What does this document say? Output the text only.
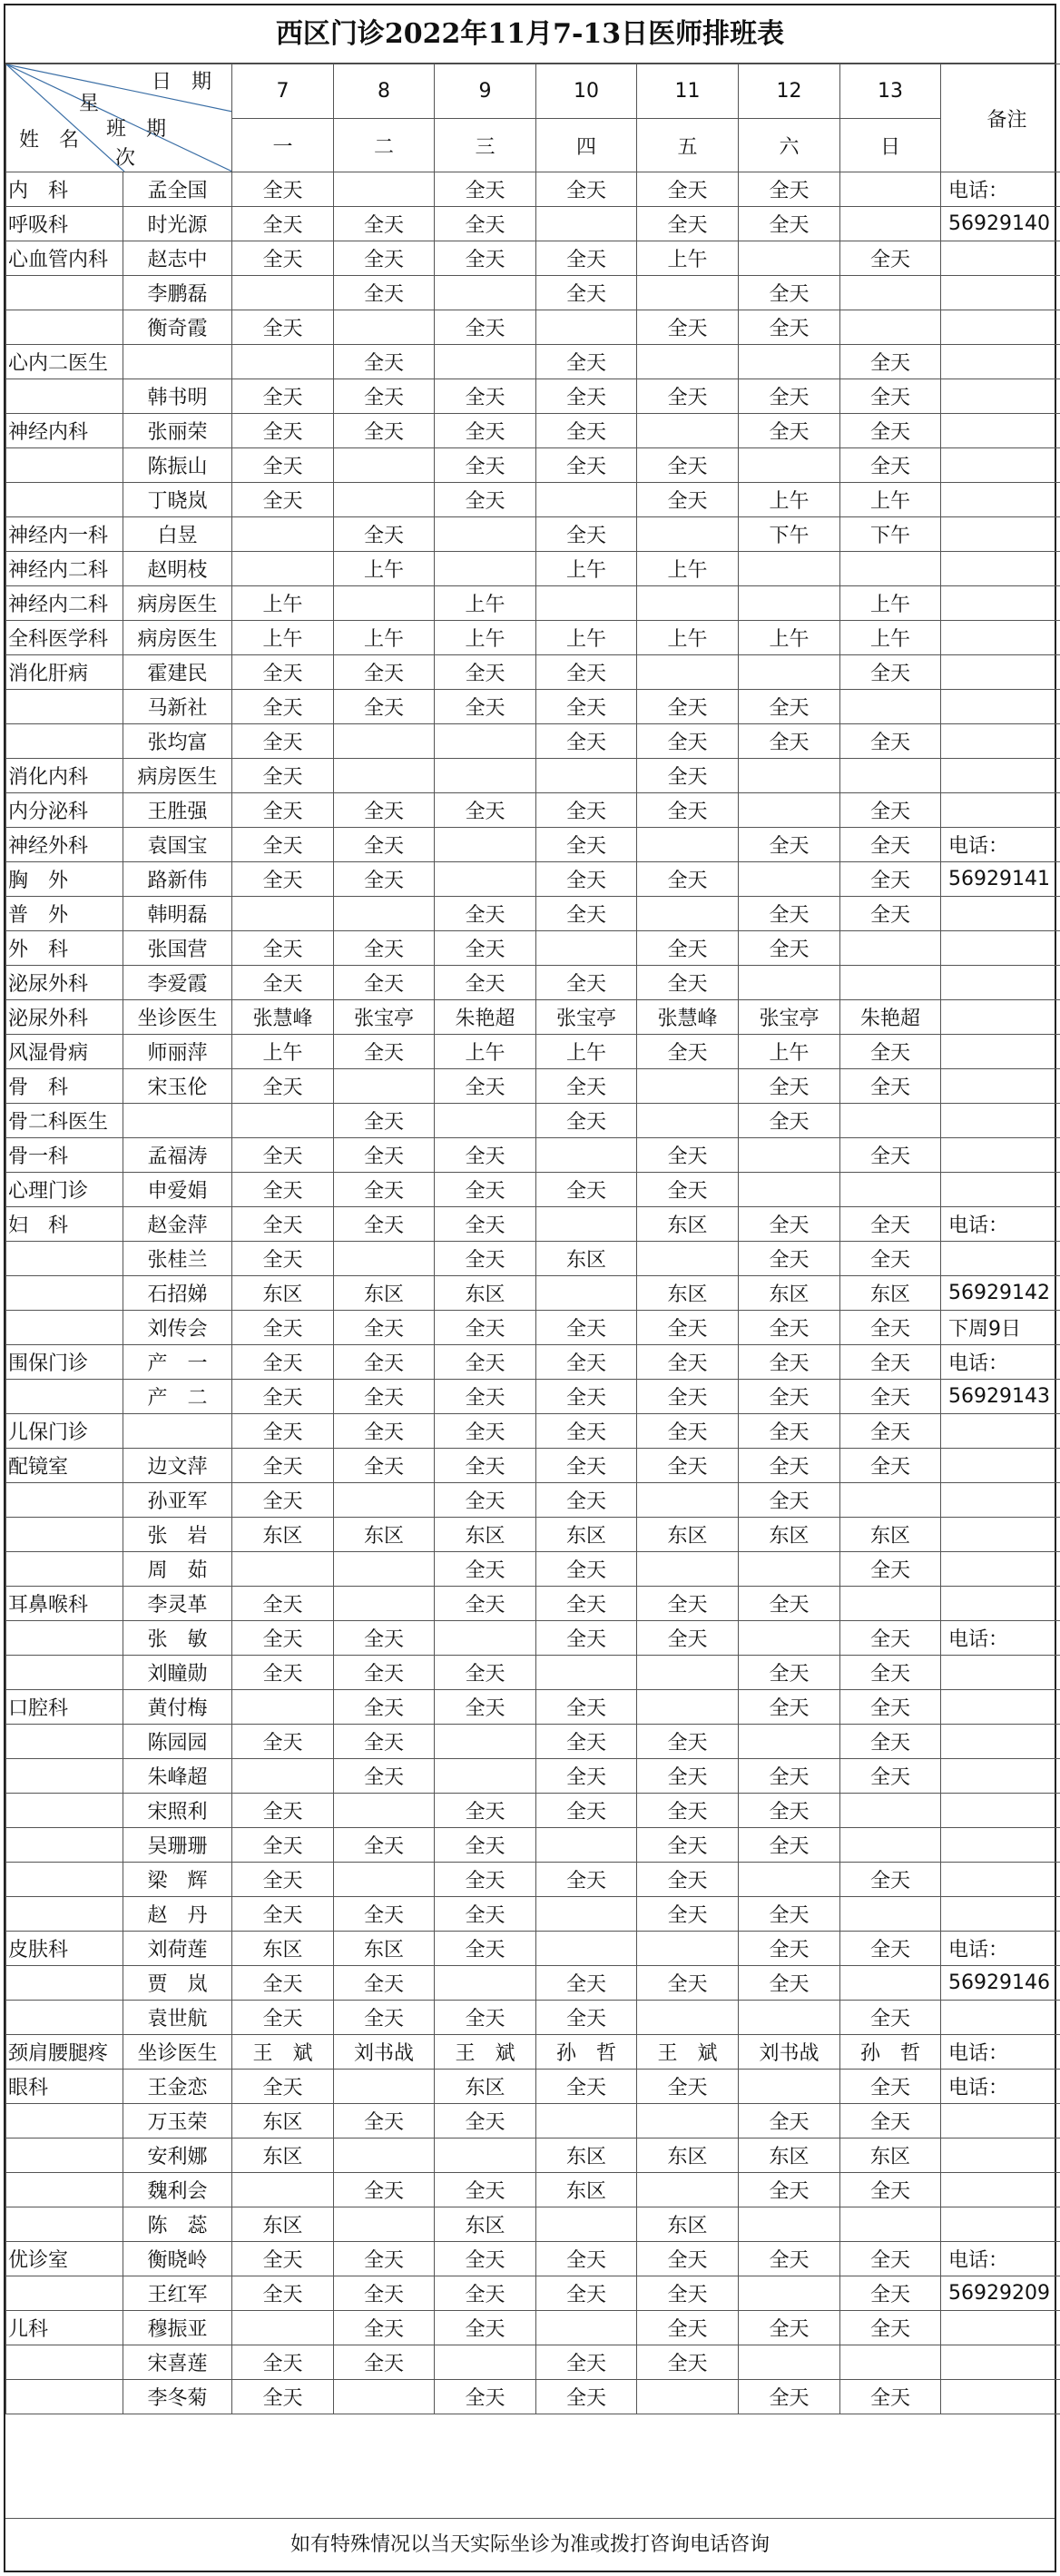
西区门诊2022年11月7-13日医师排班表
日　期
星
班　期
姓　名
次		7	8	9	10	11	12	13	备注
		一	二	三	四	五	六	日	
内　科	孟全国	全天		全天	全天	全天	全天		电话：
呼吸科	时光源	全天	全天	全天		全天	全天		56929140
心血管内科	赵志中	全天	全天	全天	全天	上午		全天	
	李鹏磊		全天		全天		全天		
	衡奇霞	全天		全天		全天	全天		
心内二医生			全天		全天			全天	
	韩书明	全天	全天	全天	全天	全天	全天	全天	
神经内科	张丽荣	全天	全天	全天	全天		全天	全天	
	陈振山	全天		全天	全天	全天		全天	
	丁晓岚	全天		全天		全天	上午	上午	
神经内一科	白昱		全天		全天		下午	下午	
神经内二科	赵明枝		上午		上午	上午			
神经内二科	病房医生	上午		上午				上午	
全科医学科	病房医生	上午	上午	上午	上午	上午	上午	上午	
消化肝病	霍建民	全天	全天	全天	全天			全天	
	马新社	全天	全天	全天	全天	全天	全天		
	张均富	全天			全天	全天	全天	全天	
消化内科	病房医生	全天				全天			
内分泌科	王胜强	全天	全天	全天	全天	全天		全天	
神经外科	袁国宝	全天	全天		全天		全天	全天	电话：
胸　外	路新伟	全天	全天		全天	全天		全天	56929141
普　外	韩明磊			全天	全天		全天	全天	
外　科	张国营	全天	全天	全天		全天	全天		
泌尿外科	李爱霞	全天	全天	全天	全天	全天			
泌尿外科	坐诊医生	张慧峰	张宝亭	朱艳超	张宝亭	张慧峰	张宝亭	朱艳超	
风湿骨病	师丽萍	上午	全天	上午	上午	全天	上午	全天	
骨　科	宋玉伦	全天		全天	全天		全天	全天	
骨二科医生			全天		全天		全天		
骨一科	孟福涛	全天	全天	全天		全天		全天	
心理门诊	申爱娟	全天	全天	全天	全天	全天			
妇　科	赵金萍	全天	全天	全天		东区	全天	全天	电话：
	张桂兰	全天		全天	东区		全天	全天	
	石招娣	东区	东区	东区		东区	东区	东区	56929142
	刘传会	全天	全天	全天	全天	全天	全天	全天	下周9日
围保门诊	产　一	全天	全天	全天	全天	全天	全天	全天	电话：
	产　二	全天	全天	全天	全天	全天	全天	全天	56929143
儿保门诊		全天	全天	全天	全天	全天	全天	全天	
配镜室	边文萍	全天	全天	全天	全天	全天	全天	全天	
	孙亚军	全天		全天	全天		全天		
	张　岩	东区	东区	东区	东区	东区	东区	东区	
	周　茹			全天	全天			全天	
耳鼻喉科	李灵革	全天		全天	全天	全天	全天		
	张　敏	全天	全天		全天	全天		全天	电话：
	刘瞳勋	全天	全天	全天			全天	全天	
口腔科	黄付梅		全天	全天	全天		全天	全天	
	陈园园	全天	全天		全天	全天		全天	
	朱峰超		全天		全天	全天	全天	全天	
	宋照利	全天		全天	全天	全天	全天		
	吴珊珊	全天	全天	全天		全天	全天		
	梁　辉	全天		全天	全天	全天		全天	
	赵　丹	全天	全天	全天		全天	全天		
皮肤科	刘荷莲	东区	东区	全天			全天	全天	电话：
	贾　岚	全天	全天		全天	全天	全天		56929146
	袁世航	全天	全天	全天	全天			全天	
颈肩腰腿疼	坐诊医生	王　斌	刘书战	王　斌	孙　哲	王　斌	刘书战	孙　哲	电话：
眼科	王金恋	全天		东区	全天	全天		全天	电话：
	万玉荣	东区	全天	全天			全天	全天	
	安利娜	东区			东区	东区	东区	东区	
	魏利会		全天	全天	东区		全天	全天	
	陈　蕊	东区		东区		东区			
优诊室	衡晓岭	全天	全天	全天	全天	全天	全天	全天	电话：
	王红军	全天	全天	全天	全天	全天		全天	56929209
儿科	穆振亚		全天	全天		全天	全天	全天	
	宋喜莲	全天	全天		全天	全天			
	李冬菊	全天		全天	全天		全天	全天	
如有特殊情况以当天实际坐诊为准或拨打咨询电话咨询
